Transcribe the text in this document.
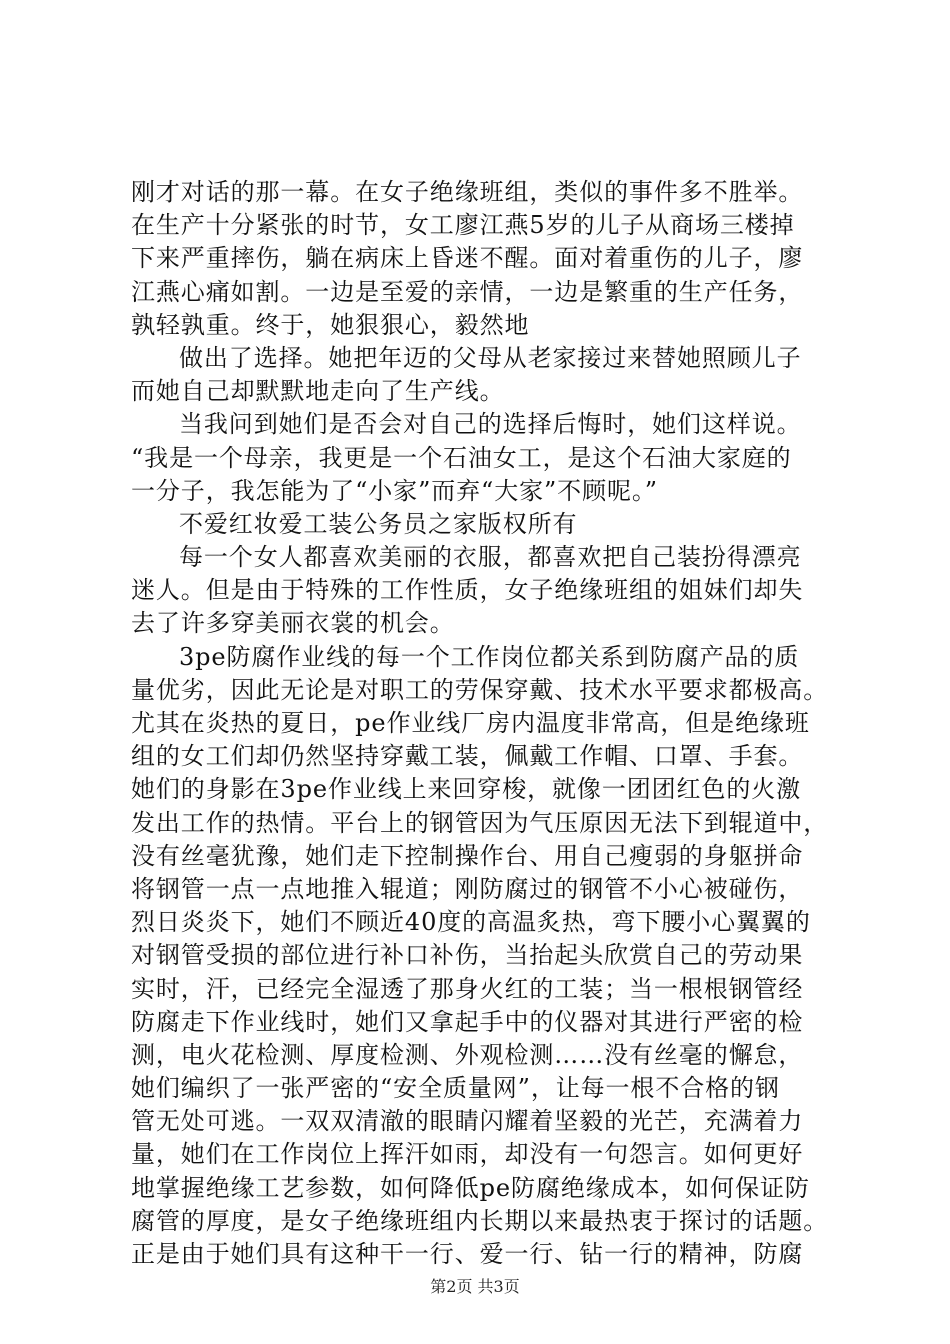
刚才对话的那一幕。在女子绝缘班组，类似的事件多不胜举。
在生产十分紧张的时节，女工廖江燕5岁的儿子从商场三楼掉
下来严重摔伤，躺在病床上昏迷不醒。面对着重伤的儿子，廖
江燕心痛如割。一边是至爱的亲情，一边是繁重的生产任务，
孰轻孰重。终于，她狠狠心，毅然地
做出了选择。她把年迈的父母从老家接过来替她照顾儿子
而她自己却默默地走向了生产线。
当我问到她们是否会对自己的选择后悔时，她们这样说。
“我是一个母亲，我更是一个石油女工，是这个石油大家庭的
一分子，我怎能为了“小家”而弃“大家”不顾呢。”
不爱红妆爱工装公务员之家版权所有
每一个女人都喜欢美丽的衣服，都喜欢把自己装扮得漂亮
迷人。但是由于特殊的工作性质，女子绝缘班组的姐妹们却失
去了许多穿美丽衣裳的机会。
3pe防腐作业线的每一个工作岗位都关系到防腐产品的质
量优劣，因此无论是对职工的劳保穿戴、技术水平要求都极高。
尤其在炎热的夏日，pe作业线厂房内温度非常高，但是绝缘班
组的女工们却仍然坚持穿戴工装，佩戴工作帽、口罩、手套。
她们的身影在3pe作业线上来回穿梭，就像一团团红色的火激
发出工作的热情。平台上的钢管因为气压原因无法下到辊道中，
没有丝毫犹豫，她们走下控制操作台、用自己瘦弱的身躯拼命
将钢管一点一点地推入辊道；刚防腐过的钢管不小心被碰伤，
烈日炎炎下，她们不顾近40度的高温炙热，弯下腰小心翼翼的
对钢管受损的部位进行补口补伤，当抬起头欣赏自己的劳动果
实时，汗，已经完全湿透了那身火红的工装；当一根根钢管经
防腐走下作业线时，她们又拿起手中的仪器对其进行严密的检
测，电火花检测、厚度检测、外观检测……没有丝毫的懈怠，
她们编织了一张严密的“安全质量网”，让每一根不合格的钢
管无处可逃。一双双清澈的眼睛闪耀着坚毅的光芒，充满着力
量，她们在工作岗位上挥汗如雨，却没有一句怨言。如何更好
地掌握绝缘工艺参数，如何降低pe防腐绝缘成本，如何保证防
腐管的厚度，是女子绝缘班组内长期以来最热衷于探讨的话题。
正是由于她们具有这种干一行、爱一行、钻一行的精神，防腐
第2页 共3页
